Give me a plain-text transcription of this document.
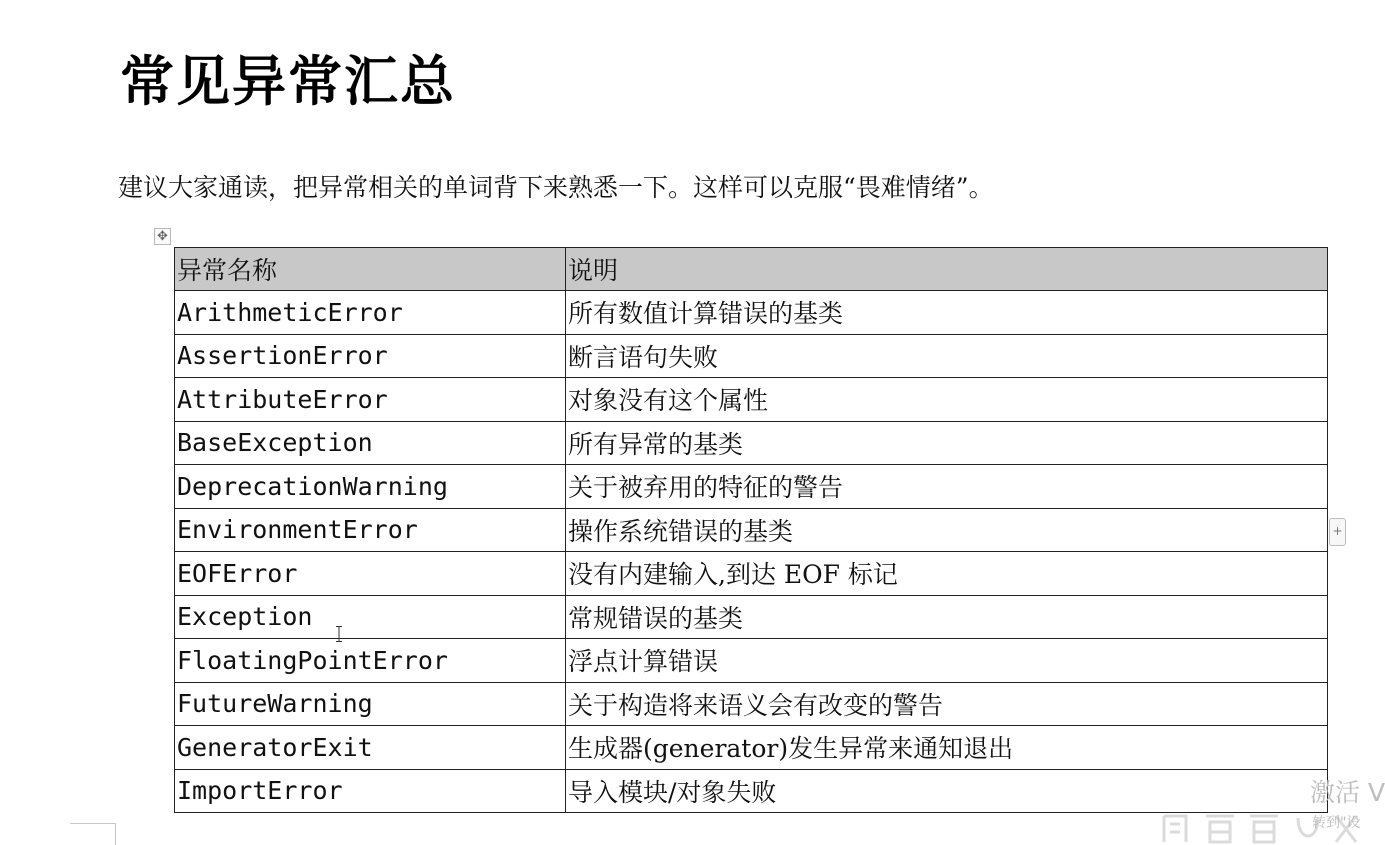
常见异常汇总
建议大家通读，把异常相关的单词背下来熟悉一下。这样可以克服“畏难情绪”。
✥
异常名称	说明
ArithmeticError	所有数值计算错误的基类
AssertionError	断言语句失败
AttributeError	对象没有这个属性
BaseException	所有异常的基类
DeprecationWarning	关于被弃用的特征的警告
EnvironmentError	操作系统错误的基类
EOFError	没有内建输入,到达 EOF 标记
Exception	常规错误的基类
FloatingPointError	浮点计算错误
FutureWarning	关于构造将来语义会有改变的警告
GeneratorExit	生成器(generator)发生异常来通知退出
ImportError	导入模块/对象失败
+
激活 V
转到"设
